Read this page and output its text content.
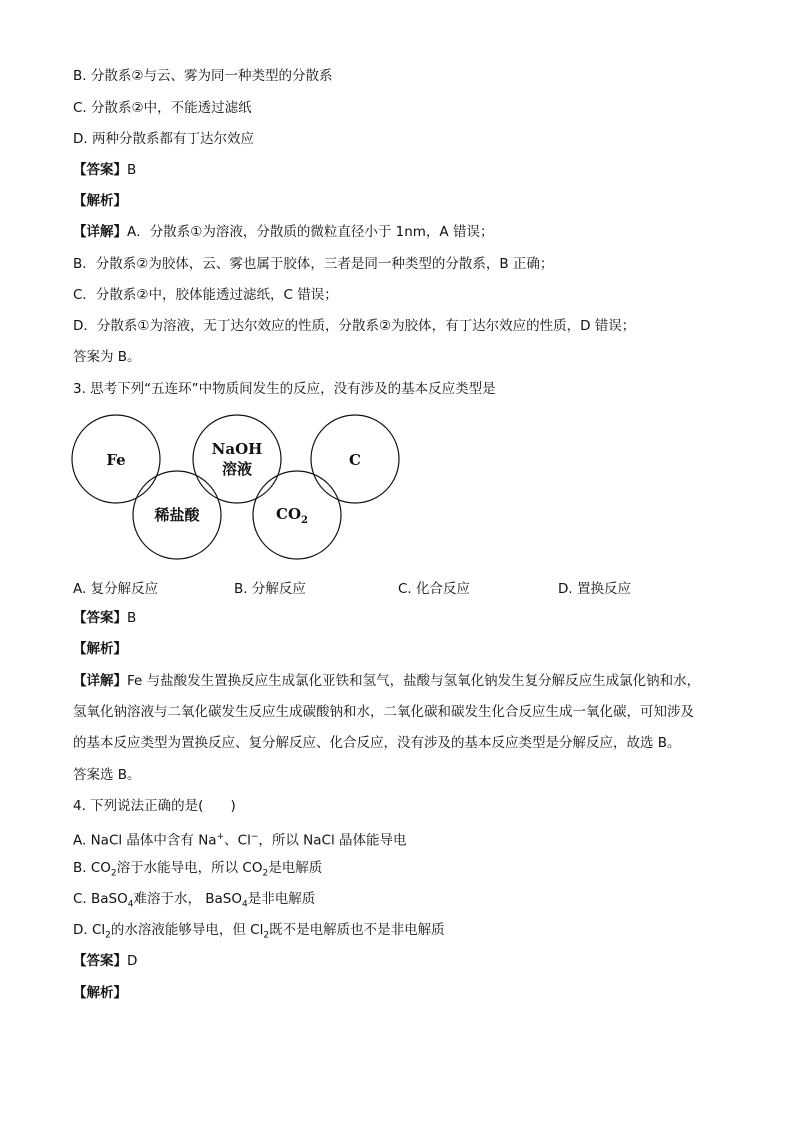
B. 分散系②与云、雾为同一种类型的分散系
C. 分散系②中，不能透过滤纸
D. 两种分散系都有丁达尔效应
【答案】B
【解析】
【详解】A．分散系①为溶液，分散质的微粒直径小于 1nm，A 错误；
B．分散系②为胶体，云、雾也属于胶体，三者是同一种类型的分散系，B 正确；
C．分散系②中，胶体能透过滤纸，C 错误；
D．分散系①为溶液，无丁达尔效应的性质，分散系②为胶体，有丁达尔效应的性质，D 错误；
答案为 B。
3. 思考下列“五连环”中物质间发生的反应，没有涉及的基本反应类型是
Fe
NaOH
溶液	C
稀盐酸	$CO_2$
A. 复分解反应	B. 分解反应	C. 化合反应	D. 置换反应
【答案】B
【解析】
【详解】Fe 与盐酸发生置换反应生成氯化亚铁和氢气，盐酸与氢氧化钠发生复分解反应生成氯化钠和水，
氢氧化钠溶液与二氧化碳发生反应生成碳酸钠和水，二氧化碳和碳发生化合反应生成一氧化碳，可知涉及
的基本反应类型为置换反应、复分解反应、化合反应，没有涉及的基本反应类型是分解反应，故选 B。
答案选 B。
4. 下列说法正确的是(　　)
A. NaCl 晶体中含有 Na+、Cl−，所以 NaCl 晶体能导电
B. $CO_2$溶于水能导电，所以 $CO_2$是电解质
C. BaSO$_4$难溶于水， BaSO$_4$是非电解质
D. $Cl_2$的水溶液能够导电，但 $Cl_2$既不是电解质也不是非电解质
【答案】D
【解析】
